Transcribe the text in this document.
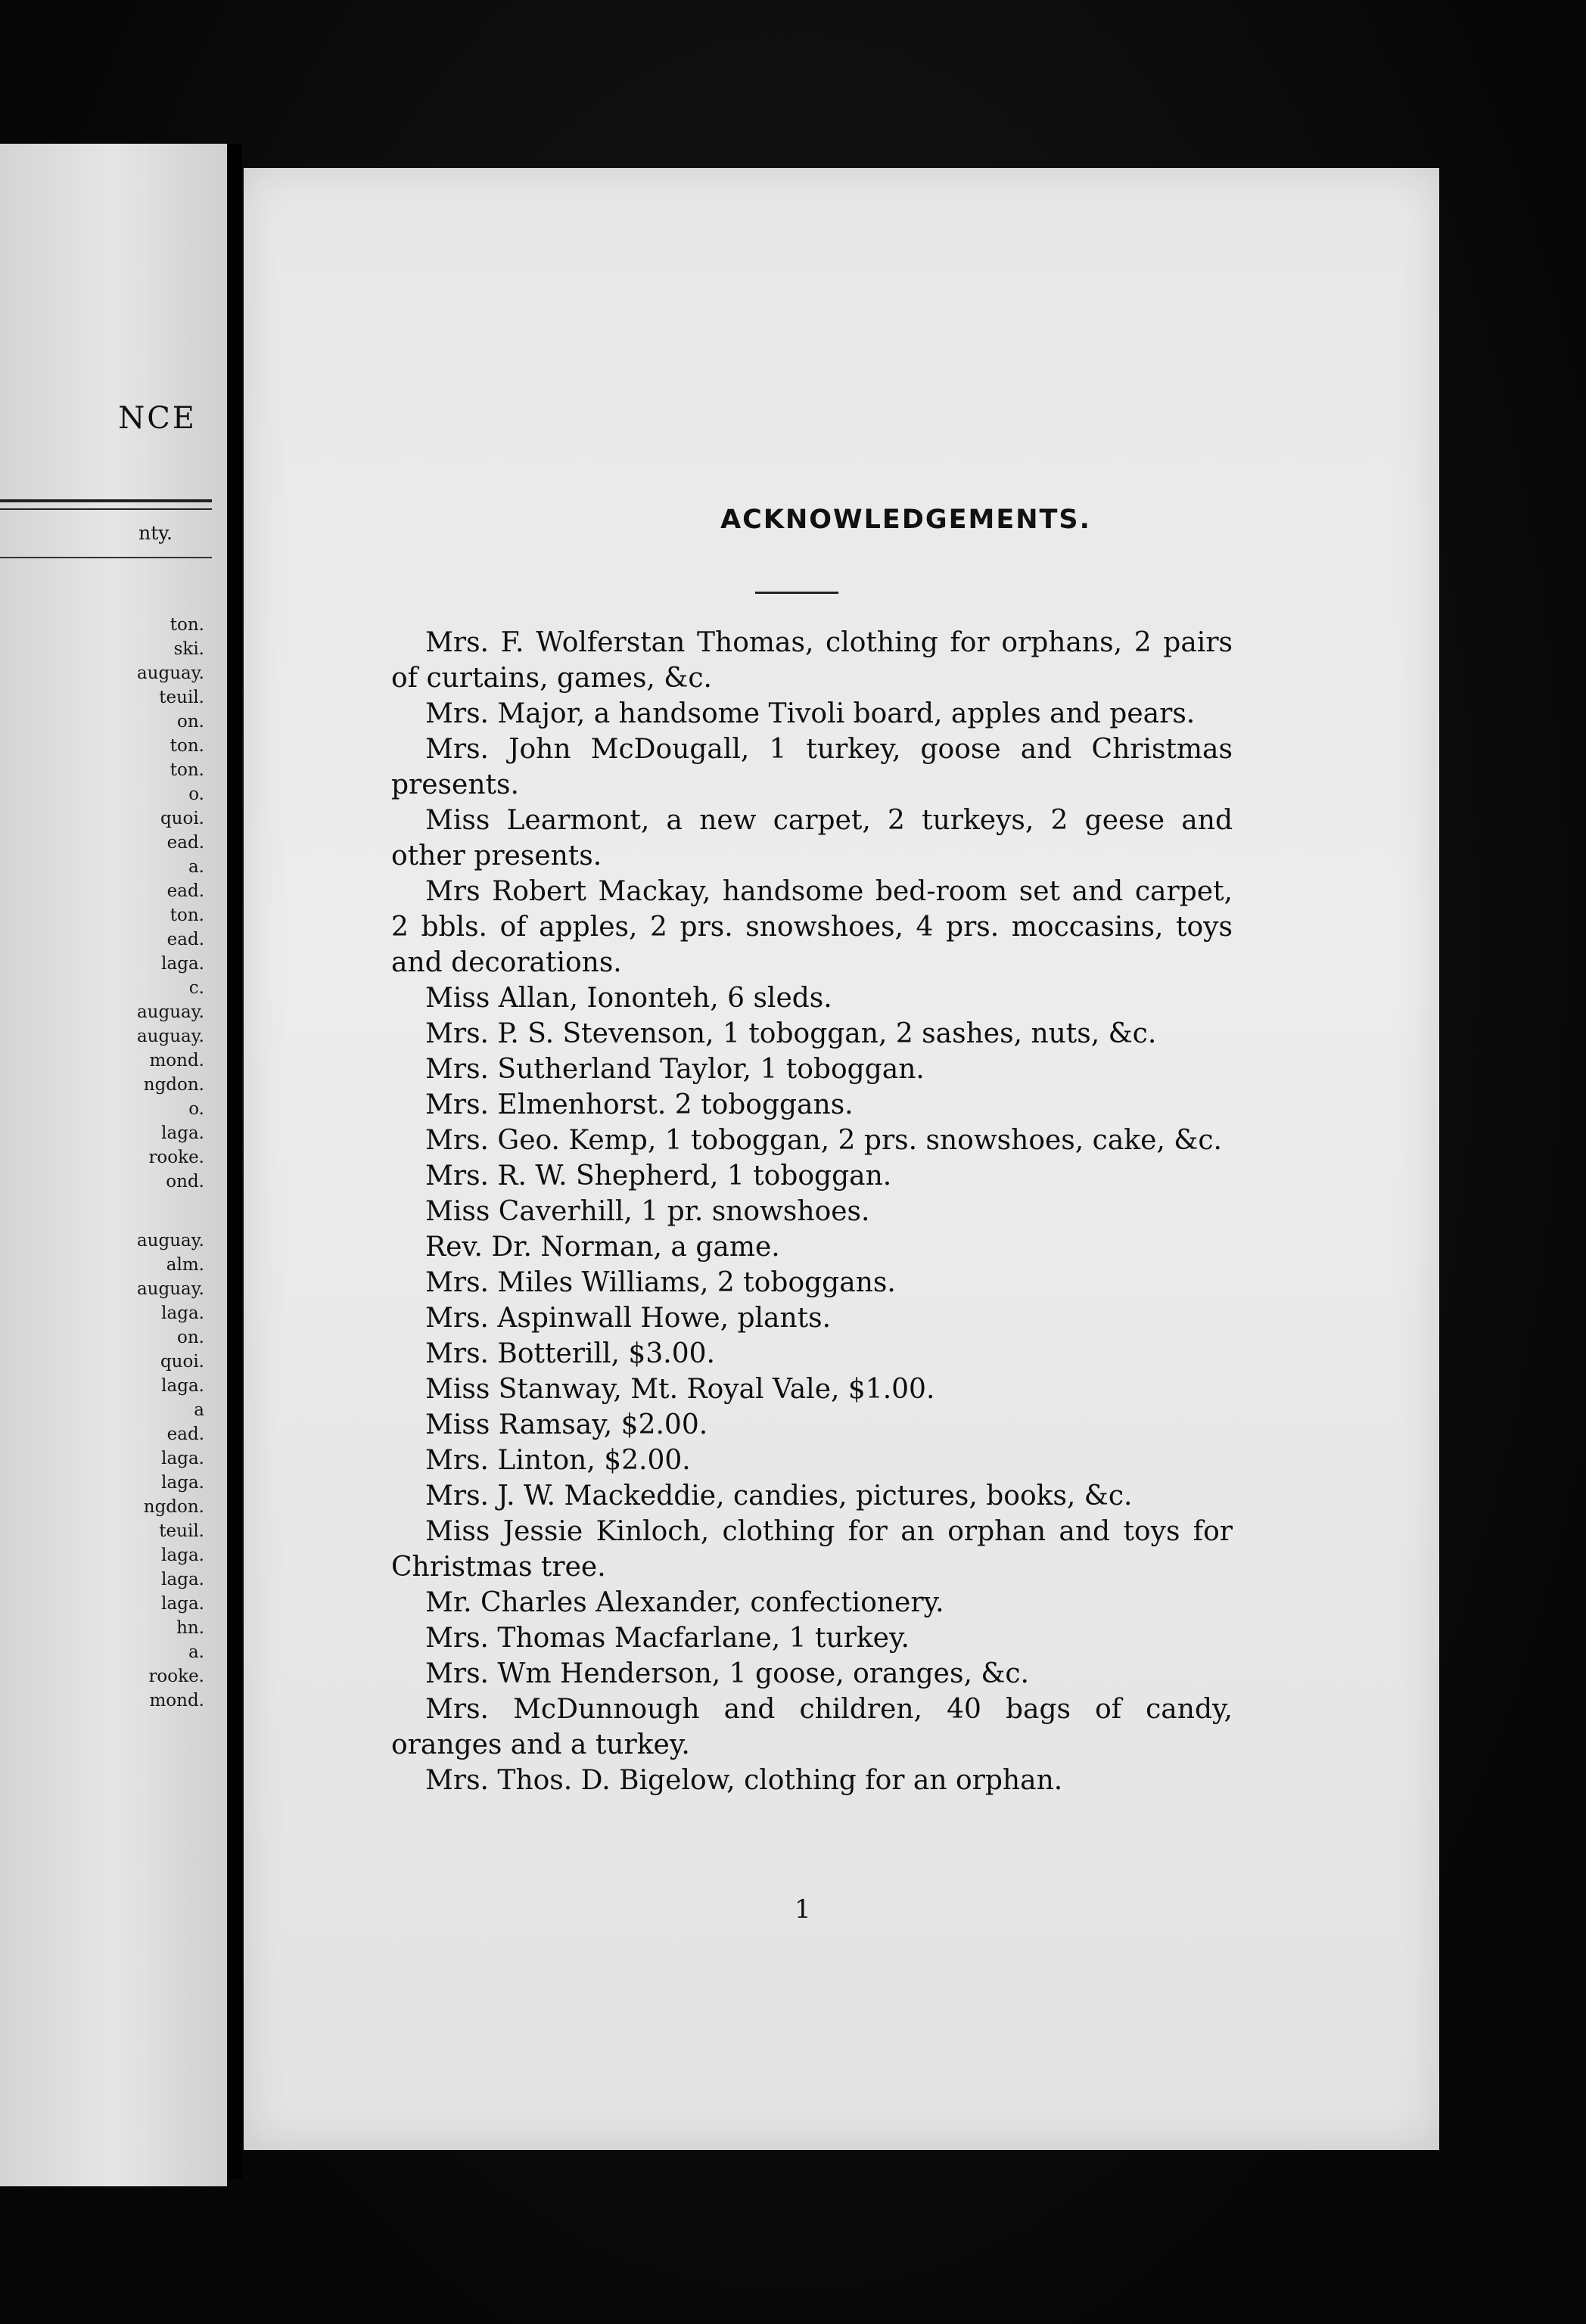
NCE
nty.
ton.
ski.
auguay.
teuil.
on.
ton.
ton.
o.
quoi.
ead.
a.
ead.
ton.
ead.
laga.
c.
auguay.
auguay.
mond.
ngdon.
o.
laga.
rooke.
ond.
auguay.
alm.
auguay.
laga.
on.
quoi.
laga.
a
ead.
laga.
laga.
ngdon.
teuil.
laga.
laga.
laga.
hn.
a.
rooke.
mond.
ACKNOWLEDGEMENTS.

Mrs. F. Wolferstan Thomas, clothing for orphans, 2 pairs of curtains, games, &c.

Mrs. Major, a handsome Tivoli board, apples and pears.

Mrs. John McDougall, 1 turkey, goose and Christmas presents.

Miss Learmont, a new carpet, 2 turkeys, 2 geese and other presents.

Mrs Robert Mackay, handsome bed-room set and carpet, 2 bbls. of apples, 2 prs. snowshoes, 4 prs. moccasins, toys and decorations.

Miss Allan, Iononteh, 6 sleds.

Mrs. P. S. Stevenson, 1 toboggan, 2 sashes, nuts, &c.

Mrs. Sutherland Taylor, 1 toboggan.

Mrs. Elmenhorst. 2 toboggans.

Mrs. Geo. Kemp, 1 toboggan, 2 prs. snowshoes, cake, &c.

Mrs. R. W. Shepherd, 1 toboggan.

Miss Caverhill, 1 pr. snowshoes.

Rev. Dr. Norman, a game.

Mrs. Miles Williams, 2 toboggans.

Mrs. Aspinwall Howe, plants.

Mrs. Botterill, $3.00.

Miss Stanway, Mt. Royal Vale, $1.00.

Miss Ramsay, $2.00.

Mrs. Linton, $2.00.

Mrs. J. W. Mackeddie, candies, pictures, books, &c.

Miss Jessie Kinloch, clothing for an orphan and toys for Christmas tree.

Mr. Charles Alexander, confectionery.

Mrs. Thomas Macfarlane, 1 turkey.

Mrs. Wm Henderson, 1 goose, oranges, &c.

Mrs. McDunnough and children, 40 bags of candy, oranges and a turkey.

Mrs. Thos. D. Bigelow, clothing for an orphan.

1
